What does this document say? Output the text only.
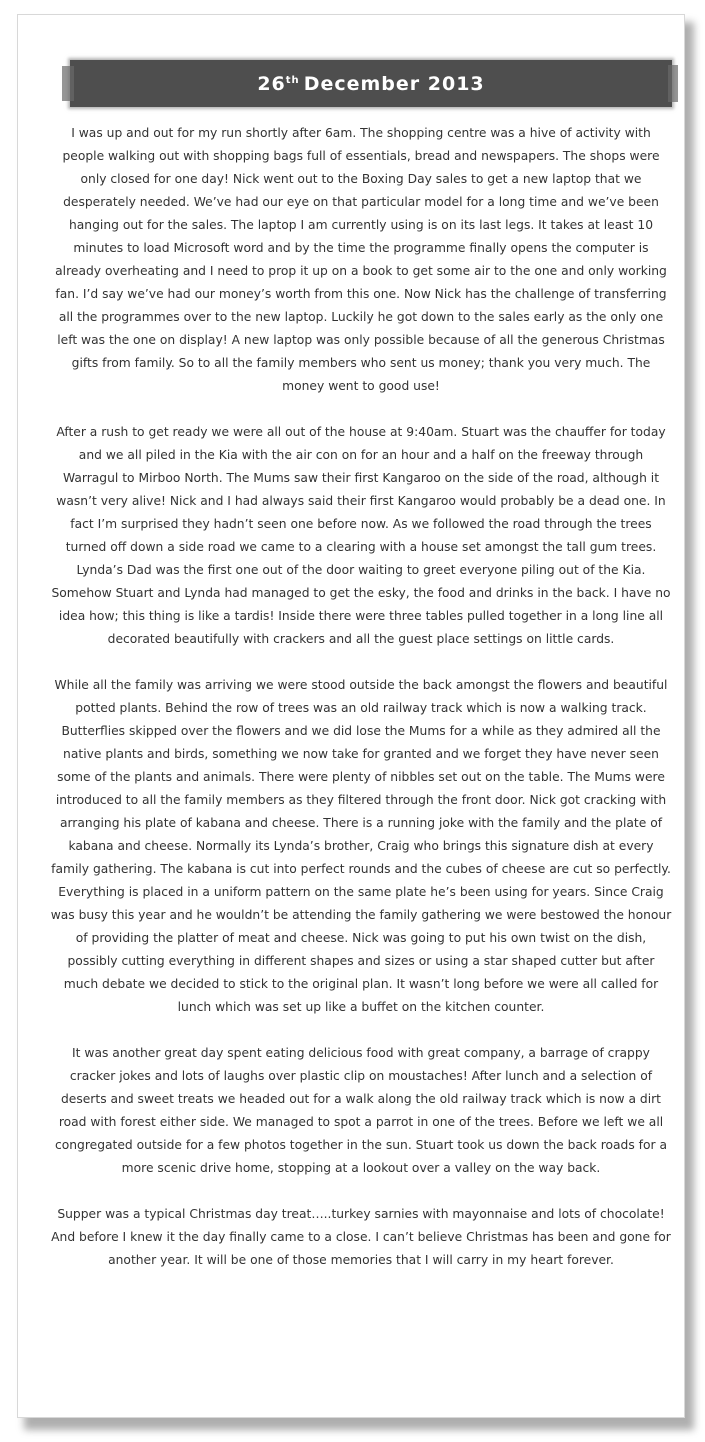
26th December 2013

I was up and out for my run shortly after 6am. The shopping centre was a hive of activity with people walking out with shopping bags full of essentials, bread and newspapers. The shops were only closed for one day! Nick went out to the Boxing Day sales to get a new laptop that we desperately needed. We’ve had our eye on that particular model for a long time and we’ve been hanging out for the sales. The laptop I am currently using is on its last legs. It takes at least 10 minutes to load Microsoft word and by the time the programme finally opens the computer is already overheating and I need to prop it up on a book to get some air to the one and only working fan. I’d say we’ve had our money’s worth from this one. Now Nick has the challenge of transferring all the programmes over to the new laptop. Luckily he got down to the sales early as the only one left was the one on display! A new laptop was only possible because of all the generous Christmas gifts from family. So to all the family members who sent us money; thank you very much. The money went to good use!

After a rush to get ready we were all out of the house at 9:40am. Stuart was the chauffer for today and we all piled in the Kia with the air con on for an hour and a half on the freeway through Warragul to Mirboo North. The Mums saw their first Kangaroo on the side of the road, although it wasn’t very alive! Nick and I had always said their first Kangaroo would probably be a dead one. In fact I’m surprised they hadn’t seen one before now. As we followed the road through the trees turned off down a side road we came to a clearing with a house set amongst the tall gum trees. Lynda’s Dad was the first one out of the door waiting to greet everyone piling out of the Kia. Somehow Stuart and Lynda had managed to get the esky, the food and drinks in the back. I have no idea how; this thing is like a tardis! Inside there were three tables pulled together in a long line all decorated beautifully with crackers and all the guest place settings on little cards.

While all the family was arriving we were stood outside the back amongst the flowers and beautiful potted plants. Behind the row of trees was an old railway track which is now a walking track. Butterflies skipped over the flowers and we did lose the Mums for a while as they admired all the native plants and birds, something we now take for granted and we forget they have never seen some of the plants and animals. There were plenty of nibbles set out on the table. The Mums were introduced to all the family members as they filtered through the front door. Nick got cracking with arranging his plate of kabana and cheese. There is a running joke with the family and the plate of kabana and cheese. Normally its Lynda’s brother, Craig who brings this signature dish at every family gathering. The kabana is cut into perfect rounds and the cubes of cheese are cut so perfectly. Everything is placed in a uniform pattern on the same plate he’s been using for years. Since Craig was busy this year and he wouldn’t be attending the family gathering we were bestowed the honour of providing the platter of meat and cheese. Nick was going to put his own twist on the dish, possibly cutting everything in different shapes and sizes or using a star shaped cutter but after much debate we decided to stick to the original plan. It wasn’t long before we were all called for lunch which was set up like a buffet on the kitchen counter.

It was another great day spent eating delicious food with great company, a barrage of crappy cracker jokes and lots of laughs over plastic clip on moustaches! After lunch and a selection of deserts and sweet treats we headed out for a walk along the old railway track which is now a dirt road with forest either side. We managed to spot a parrot in one of the trees. Before we left we all congregated outside for a few photos together in the sun. Stuart took us down the back roads for a more scenic drive home, stopping at a lookout over a valley on the way back.

Supper was a typical Christmas day treat…..turkey sarnies with mayonnaise and lots of chocolate! And before I knew it the day finally came to a close. I can’t believe Christmas has been and gone for another year. It will be one of those memories that I will carry in my heart forever.
